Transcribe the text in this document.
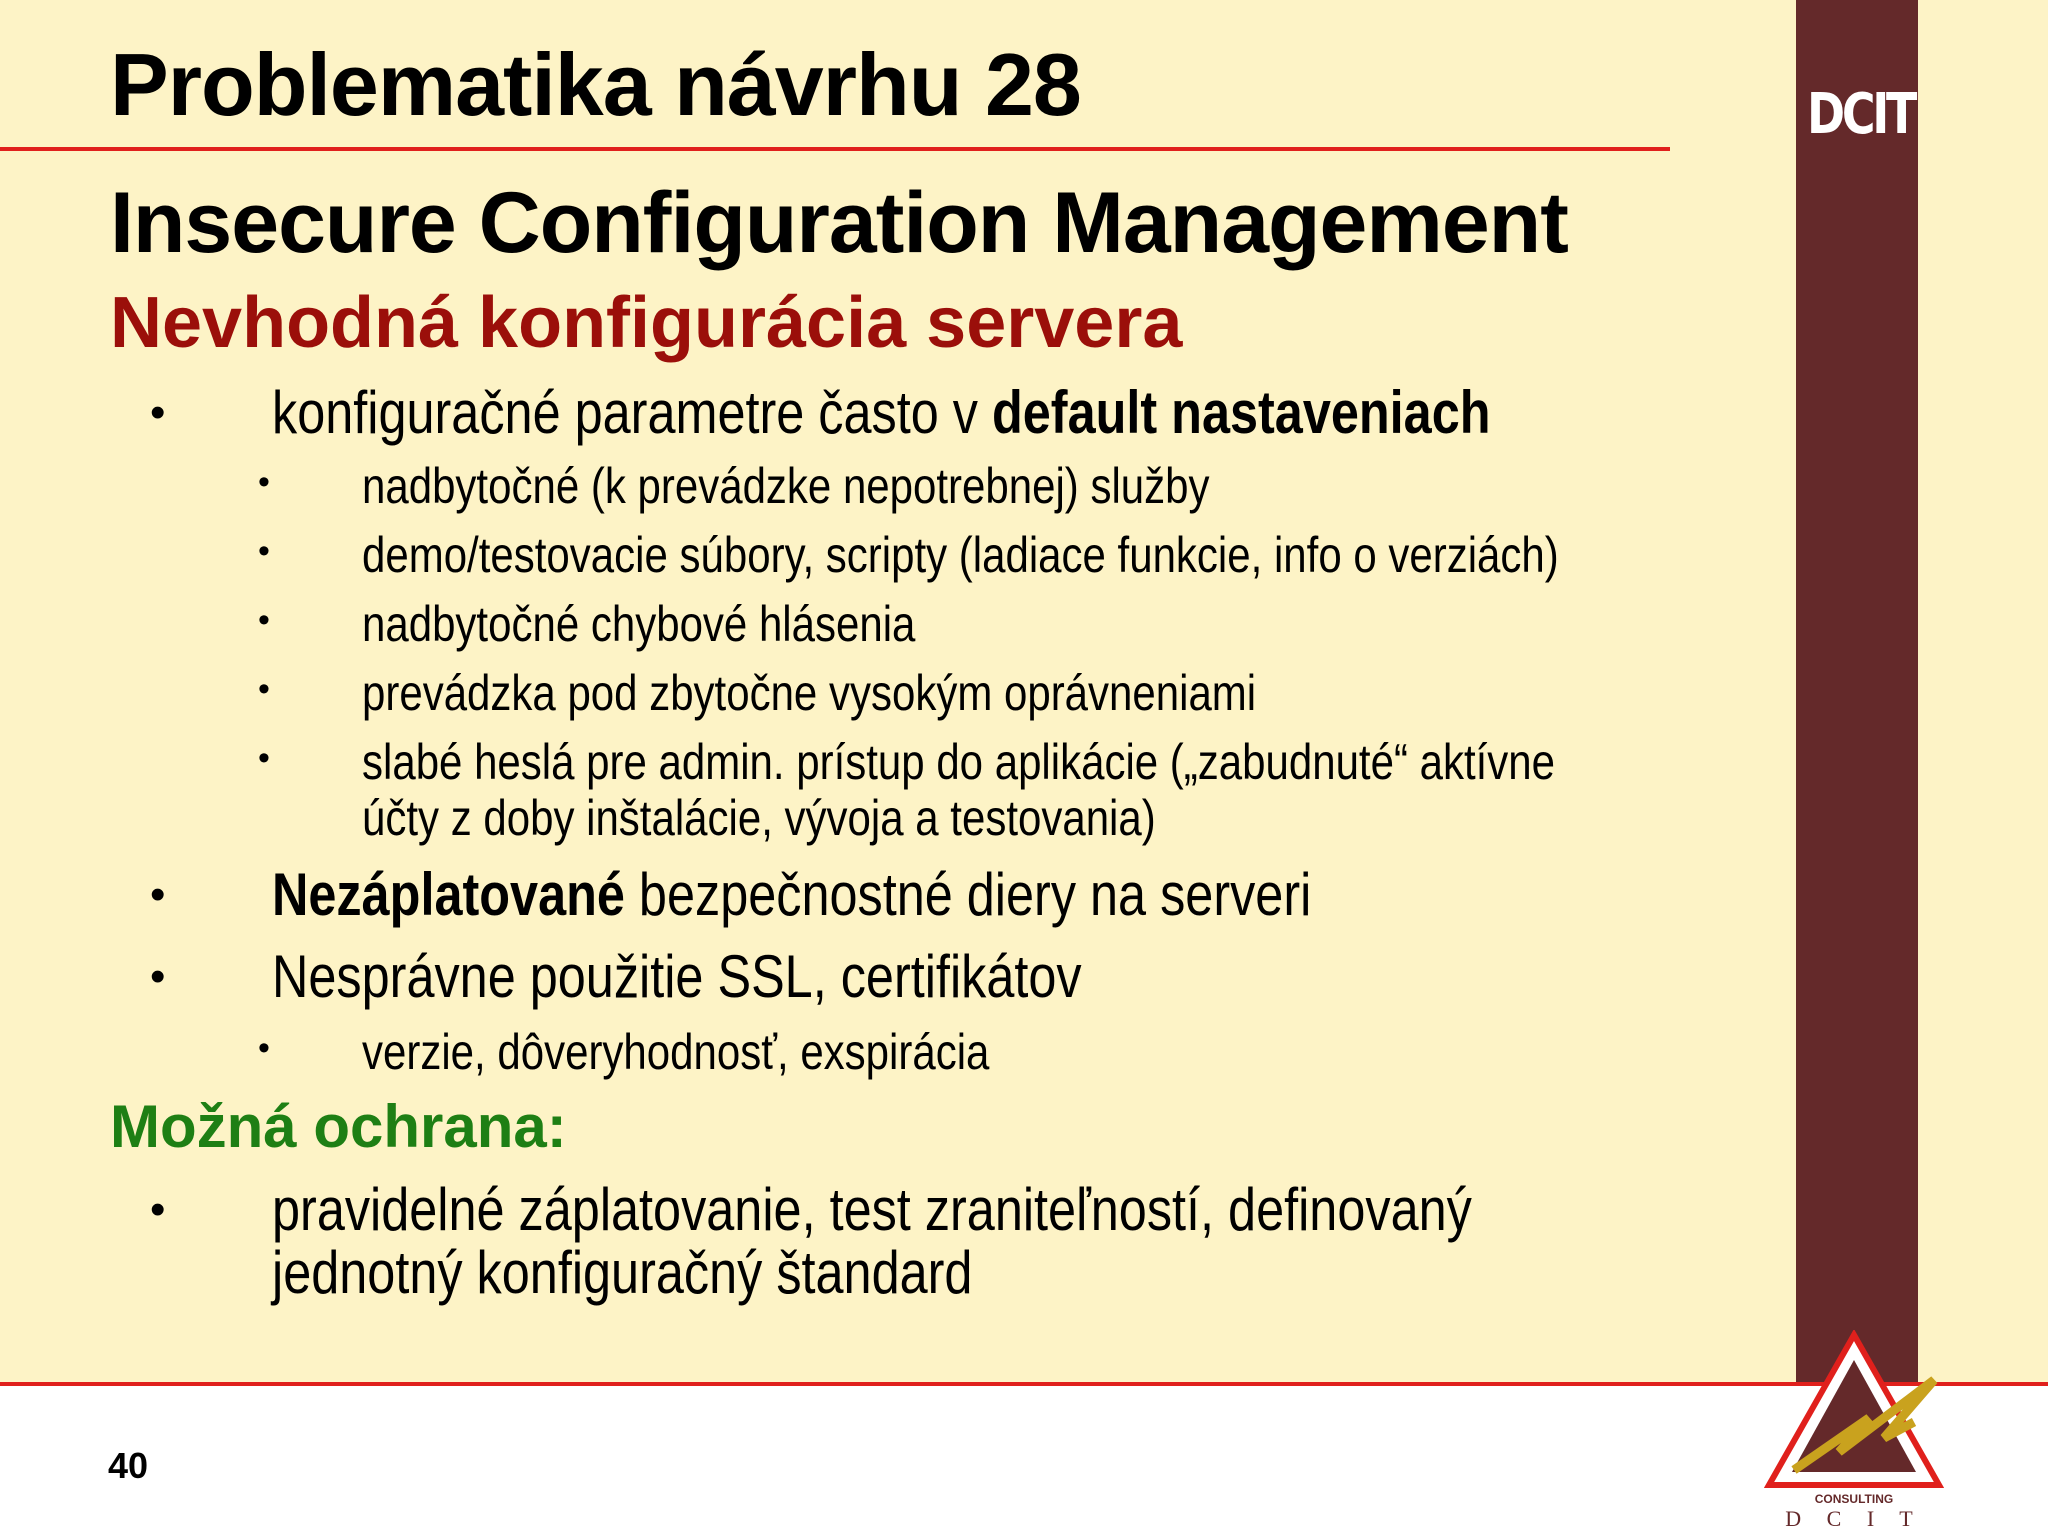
DCIT
Problematika návrhu 28
Insecure Configuration Management
Nevhodná konfigurácia servera
• konfiguračné parametre často v default nastaveniach
• nadbytočné (k prevádzke nepotrebnej) služby
• demo/testovacie súbory, scripty (ladiace funkcie, info o verziách)
• nadbytočné chybové hlásenia
• prevádzka pod zbytočne vysokým oprávneniami
• slabé heslá pre admin. prístup do aplikácie („zabudnuté“ aktívne
účty z doby inštalácie, vývoja a testovania)
• Nezáplatované bezpečnostné diery na serveri
• Nesprávne použitie SSL, certifikátov
• verzie, dôveryhodnosť, exspirácia
Možná ochrana:
• pravidelné záplatovanie, test zraniteľností, definovaný
jednotný konfiguračný štandard
40
CONSULTING
D C I T
